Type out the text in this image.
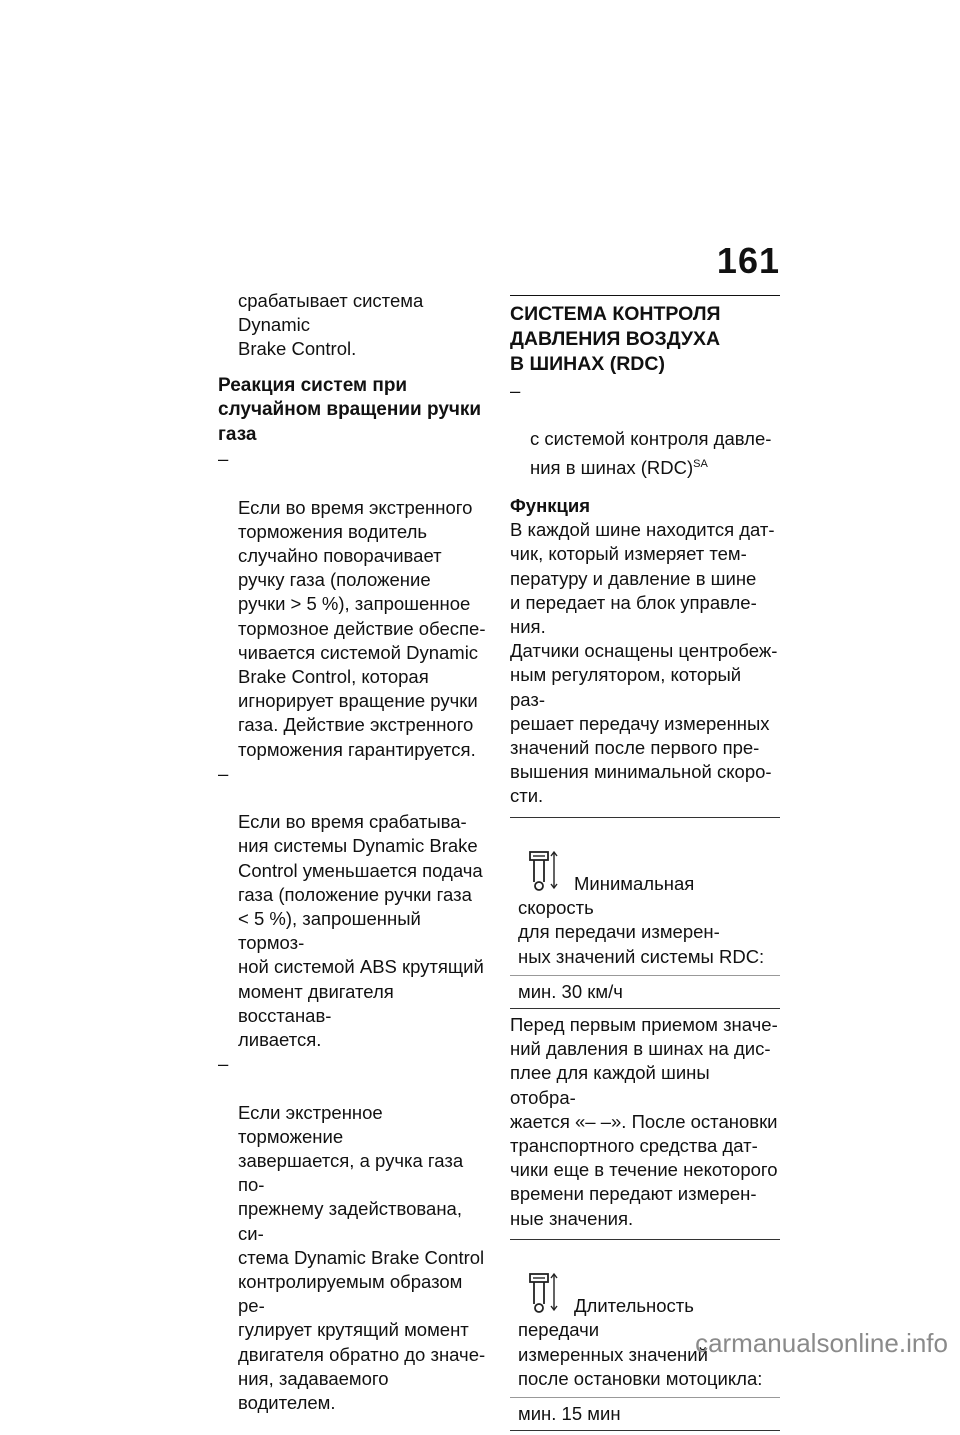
161
срабатывает система Dynamic
Brake Control.
Реакция систем при
случайном вращении ручки
газа

–

Если во время экстренного
торможения водитель
случайно поворачивает
ручку газа (положение
ручки > 5 %), запрошенное
тормозное действие обеспе-
чивается системой Dynamic
Brake Control, которая
игнорирует вращение ручки
газа. Действие экстренного
торможения гарантируется.

–

Если во время срабатыва-
ния системы Dynamic Brake
Control уменьшается подача
газа (положение ручки газа
< 5 %), запрошенный тормоз-
ной системой ABS крутящий
момент двигателя восстанав-
ливается.

–

Если экстренное торможение
завершается, а ручка газа по-
прежнему задействована, си-
стема Dynamic Brake Control
контролируемым образом ре-
гулирует крутящий момент
двигателя обратно до значе-
ния, задаваемого водителем.

СИСТЕМА КОНТРОЛЯ
ДАВЛЕНИЯ ВОЗДУХА
В ШИНАХ (RDC)

–

с системой контроля давле-
ния в шинах (RDC)$^{SA}$

Функция
В каждой шине находится дат-
чик, который измеряет тем-
пературу и давление в шине
и передает на блок управле-
ния.
Датчики оснащены центробеж-
ным регулятором, который раз-
решает передачу измеренных
значений после первого пре-
вышения минимальной скоро-
сти.

Минимальная скорость
для передачи измерен-
ных значений системы RDC:

мин. 30 км/ч
Перед первым приемом значе-
ний давления в шинах на дис-
плее для каждой шины отобра-
жается «– –». После остановки
транспортного средства дат-
чики еще в течение некоторого
времени передают измерен-
ные значения.

Длительность передачи
измеренных значений
после остановки мотоцикла:

мин. 15 мин
carmanualsonline.info
